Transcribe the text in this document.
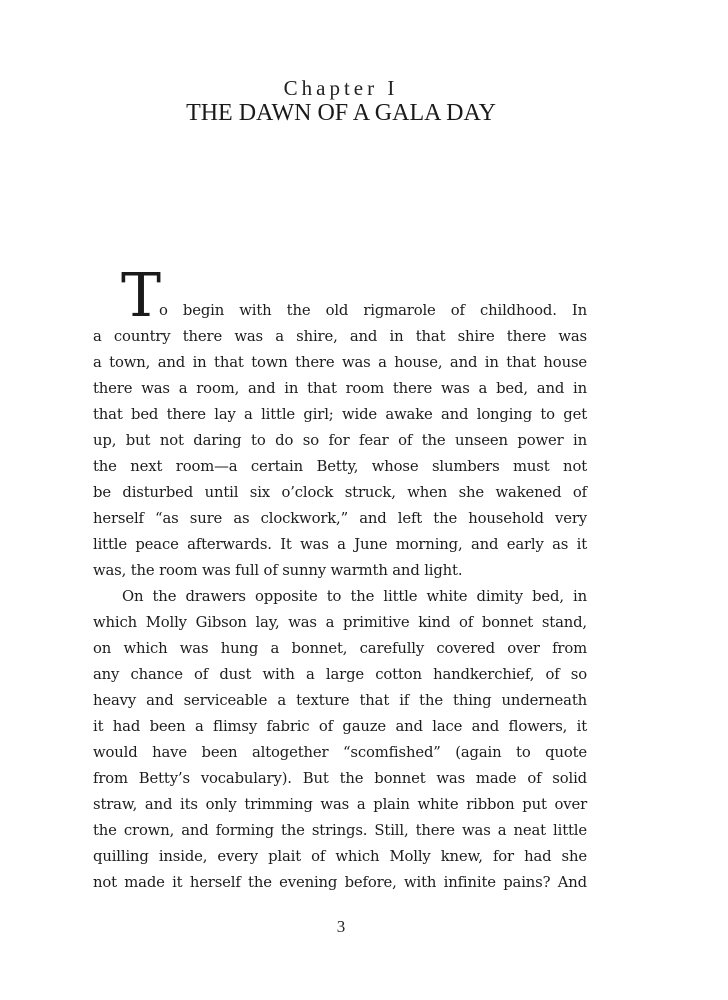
Chapter I
THE DAWN OF A GALA DAY
T
o begin with the old rigmarole of childhood. In
a country there was a shire, and in that shire there was
a town, and in that town there was a house, and in that house
there was a room, and in that room there was a bed, and in
that bed there lay a little girl; wide awake and longing to get
up, but not daring to do so for fear of the unseen power in
the next room—a certain Betty, whose slumbers must not
be disturbed until six o’clock struck, when she wakened of
herself “as sure as clockwork,” and left the household very
little peace afterwards. It was a June morning, and early as it
was, the room was full of sunny warmth and light.
On the drawers opposite to the little white dimity bed, in
which Molly Gibson lay, was a primitive kind of bonnet stand,
on which was hung a bonnet, carefully covered over from
any chance of dust with a large cotton handkerchief, of so
heavy and serviceable a texture that if the thing underneath
it had been a flimsy fabric of gauze and lace and flowers, it
would have been altogether “scomfished” (again to quote
from Betty’s vocabulary). But the bonnet was made of solid
straw, and its only trimming was a plain white ribbon put over
the crown, and forming the strings. Still, there was a neat little
quilling inside, every plait of which Molly knew, for had she
not made it herself the evening before, with infinite pains? And
3
